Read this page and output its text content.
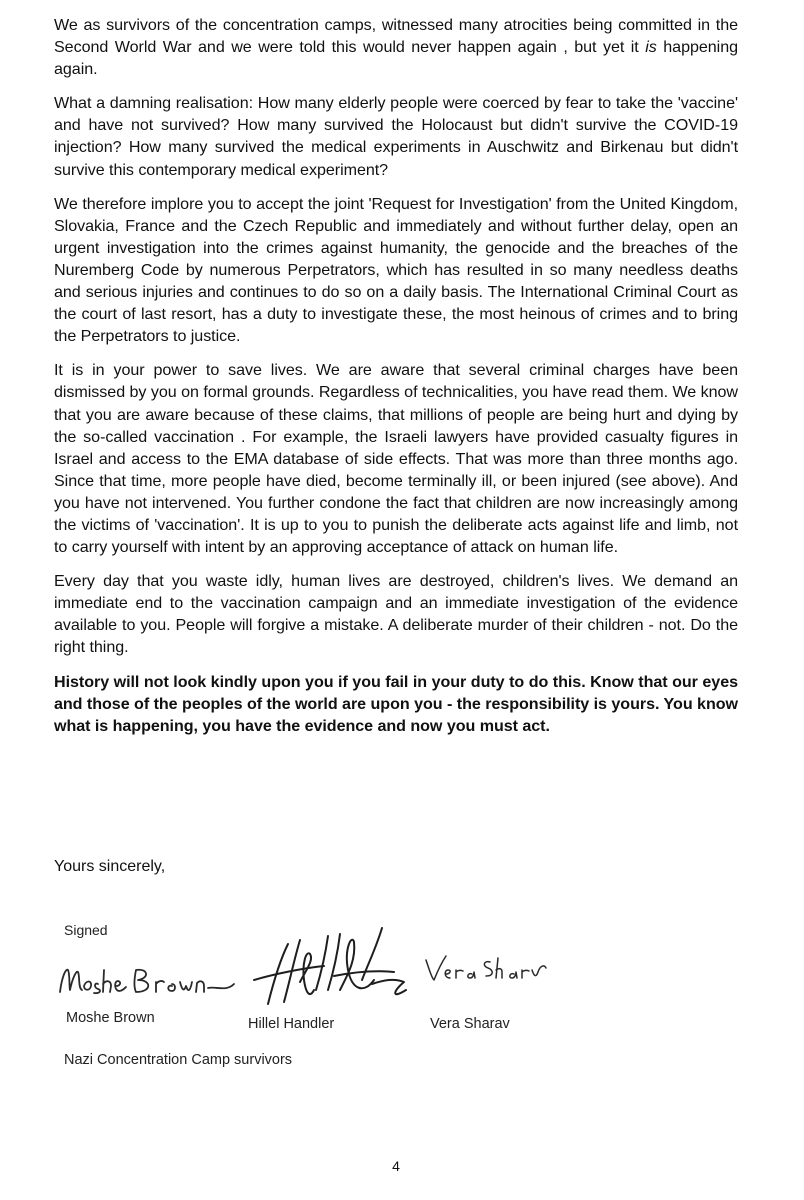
We as survivors of the concentration camps, witnessed many atrocities being committed in the Second World War and we were told this would never happen again , but yet it is happening again.

What a damning realisation: How many elderly people were coerced by fear to take the 'vaccine' and have not survived? How many survived the Holocaust but didn't survive the COVID-19 injection? How many survived the medical experiments in Auschwitz and Birkenau but didn't survive this contemporary medical experiment?

We therefore implore you to accept the joint 'Request for Investigation' from the United Kingdom, Slovakia, France and the Czech Republic and immediately and without further delay, open an urgent investigation into the crimes against humanity, the genocide and the breaches of the Nuremberg Code by numerous Perpetrators, which has resulted in so many needless deaths and serious injuries and continues to do so on a daily basis. The International Criminal Court as the court of last resort, has a duty to investigate these, the most heinous of crimes and to bring the Perpetrators to justice.

It is in your power to save lives. We are aware that several criminal charges have been dismissed by you on formal grounds. Regardless of technicalities, you have read them. We know that you are aware because of these claims, that millions of people are being hurt and dying by the so-called vaccination . For example, the Israeli lawyers have provided casualty figures in Israel and access to the EMA database of side effects. That was more than three months ago. Since that time, more people have died, become terminally ill, or been injured (see above). And you have not intervened. You further condone the fact that children are now increasingly among the victims of 'vaccination'. It is up to you to punish the deliberate acts against life and limb, not to carry yourself with intent by an approving acceptance of attack on human life.

Every day that you waste idly, human lives are destroyed, children's lives. We demand an immediate end to the vaccination campaign and an immediate investigation of the evidence available to you. People will forgive a mistake. A deliberate murder of their children - not. Do the right thing.

History will not look kindly upon you if you fail in your duty to do this. Know that our eyes and those of the peoples of the world are upon you - the responsibility is yours. You know what is happening, you have the evidence and now you must act.

Yours sincerely,

Signed
Moshe Brown	Hillel Handler	Vera Sharav
Nazi Concentration Camp survivors
4
